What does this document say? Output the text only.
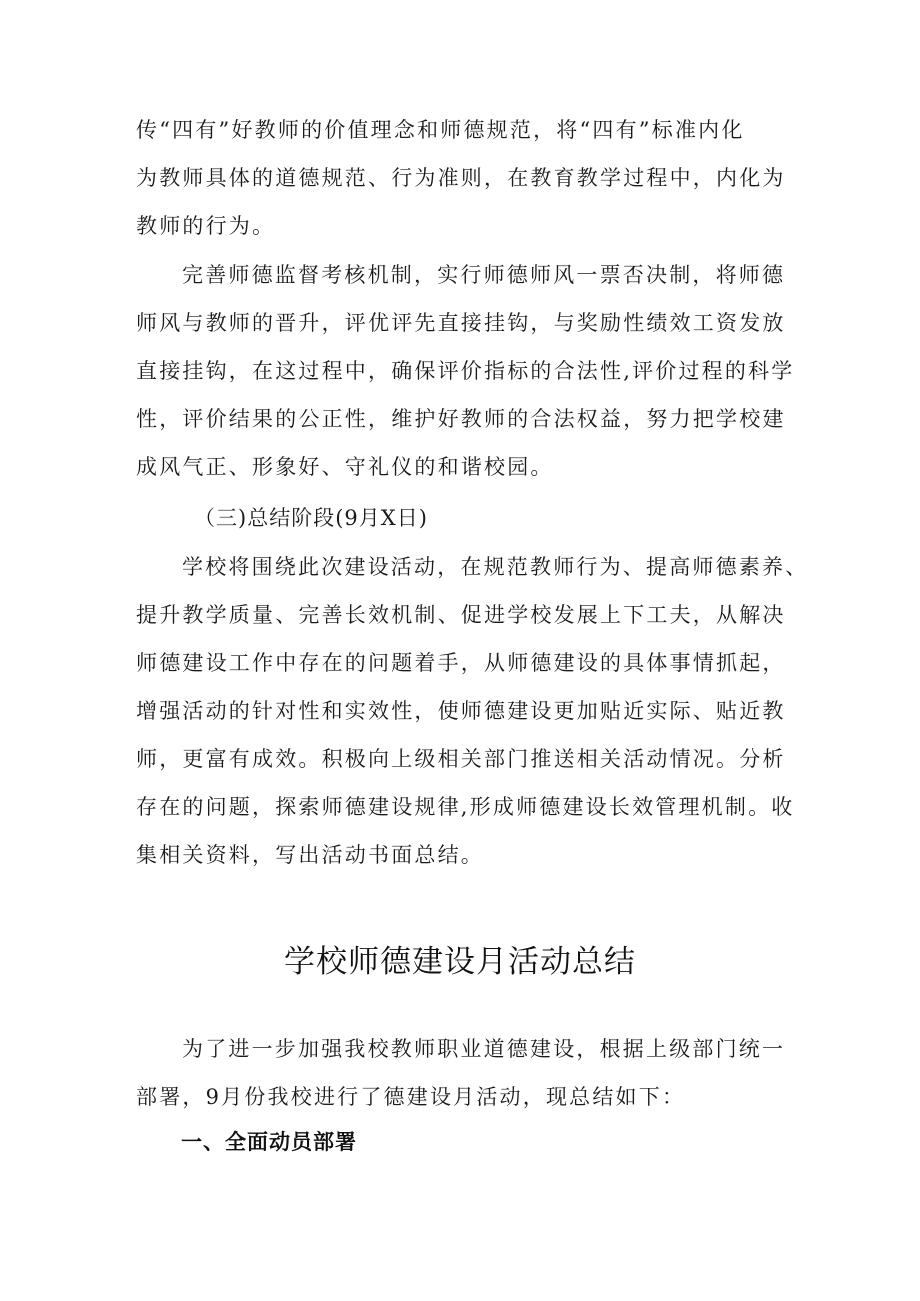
传“四有”好教师的价值理念和师德规范，将“四有”标准内化
为教师具体的道德规范、行为准则，在教育教学过程中，内化为
教师的行为。
完善师德监督考核机制，实行师德师风一票否决制，将师德
师风与教师的晋升，评优评先直接挂钩，与奖励性绩效工资发放
直接挂钩，在这过程中，确保评价指标的合法性,评价过程的科学
性，评价结果的公正性，维护好教师的合法权益，努力把学校建
成风气正、形象好、守礼仪的和谐校园。
（三)总结阶段(9月X日)
学校将围绕此次建设活动，在规范教师行为、提高师德素养、
提升教学质量、完善长效机制、促进学校发展上下工夫，从解决
师德建设工作中存在的问题着手，从师德建设的具体事情抓起，
增强活动的针对性和实效性，使师德建设更加贴近实际、贴近教
师，更富有成效。积极向上级相关部门推送相关活动情况。分析
存在的问题，探索师德建设规律,形成师德建设长效管理机制。收
集相关资料，写出活动书面总结。
学校师德建设月活动总结
为了进一步加强我校教师职业道德建设，根据上级部门统一
部署，9月份我校进行了德建设月活动，现总结如下：
一、全面动员部署
